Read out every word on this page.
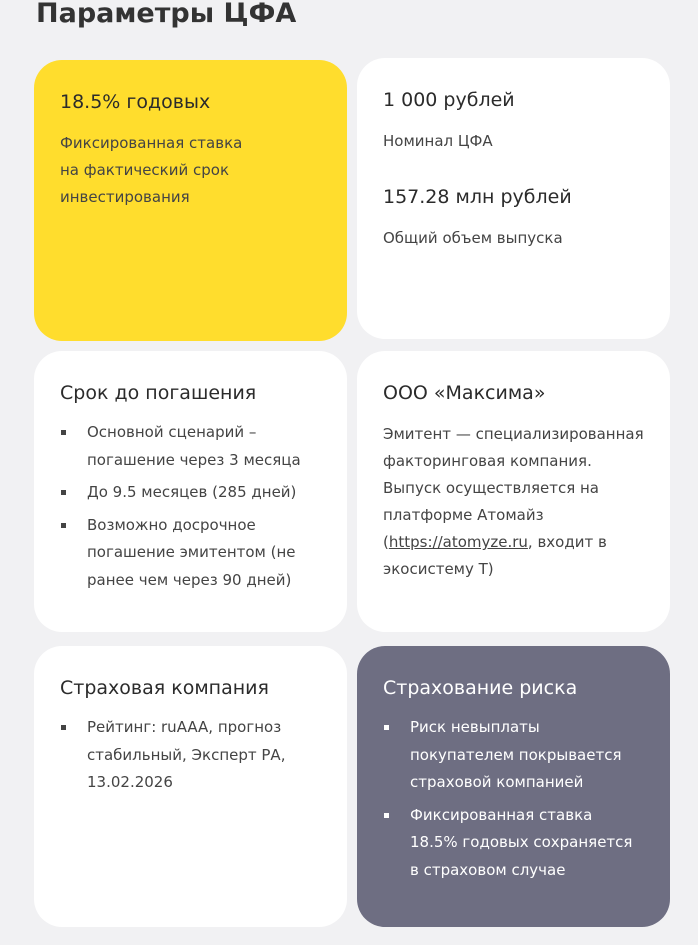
Параметры ЦФА
18.5% годовых

Фиксированная ставка
на фактический срок
инвестирования

1 000 рублей

Номинал ЦФА

157.28 млн рублей

Общий объем выпуска

Срок до погашения
Основной сценарий – погашение через 3 месяца
До 9.5 месяцев (285 дней)
Возможно досрочное погашение эмитентом (не ранее чем через 90 дней)
ООО «Максима»

Эмитент — специализированная факторинговая компания. Выпуск осуществляется на платформе Атомайз (https://atomyze.ru, входит в экосистему Т)

Страховая компания
Рейтинг: ruAAA, прогноз стабильный, Эксперт РА, 13.02.2026
Страхование риска
Риск невыплаты покупателем покрывается страховой компанией
Фиксированная ставка 18.5% годовых сохраняется в страховом случае
